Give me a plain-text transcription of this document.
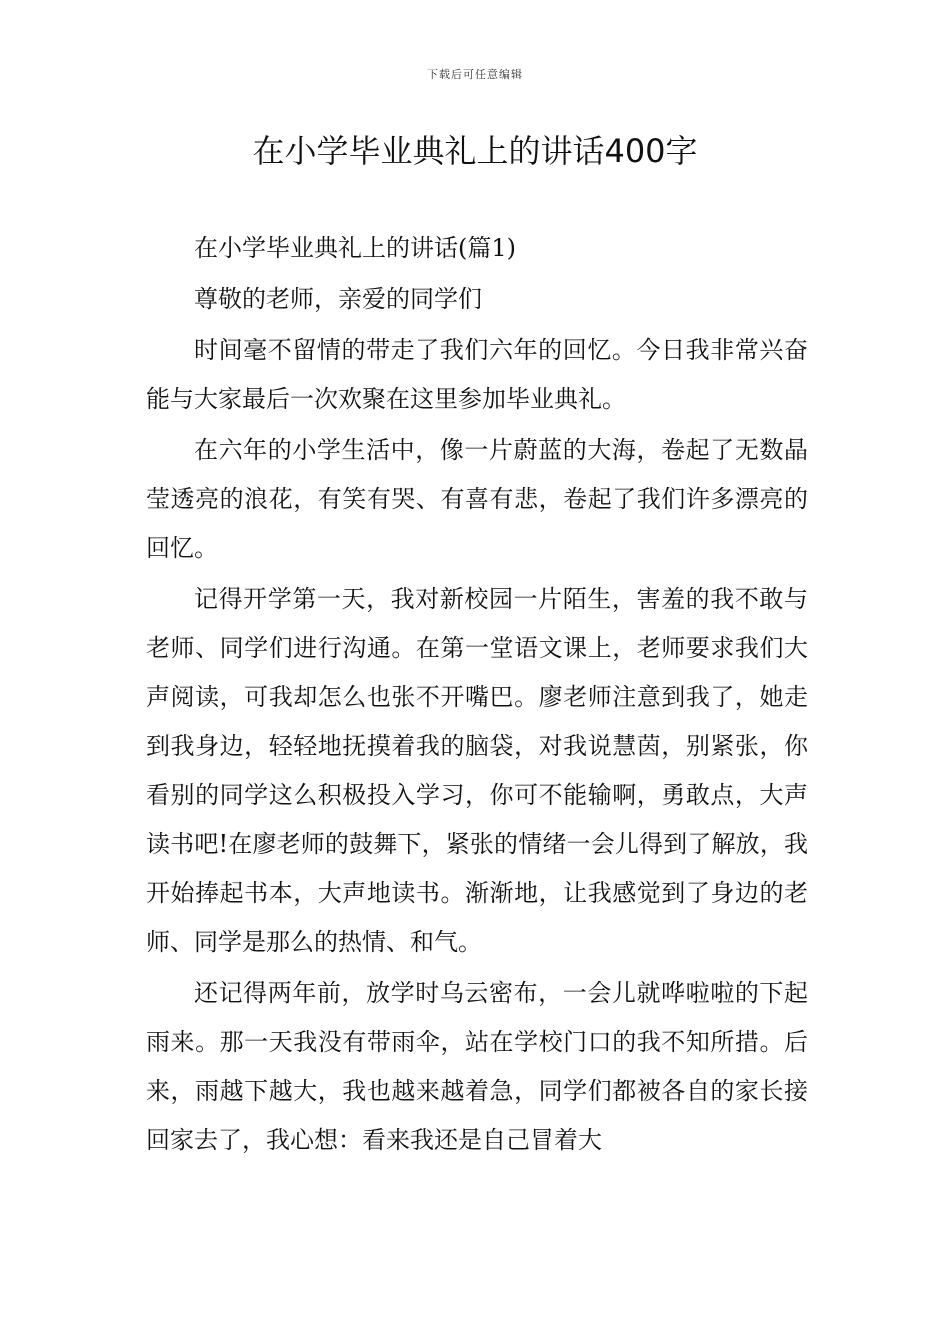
下载后可任意编辑
在小学毕业典礼上的讲话400字

在小学毕业典礼上的讲话(篇1)

尊敬的老师，亲爱的同学们

时间毫不留情的带走了我们六年的回忆。今日我非常兴奋能与大家最后一次欢聚在这里参加毕业典礼。

在六年的小学生活中，像一片蔚蓝的大海，卷起了无数晶莹透亮的浪花，有笑有哭、有喜有悲，卷起了我们许多漂亮的回忆。

记得开学第一天，我对新校园一片陌生，害羞的我不敢与老师、同学们进行沟通。在第一堂语文课上，老师要求我们大声阅读，可我却怎么也张不开嘴巴。廖老师注意到我了，她走到我身边，轻轻地抚摸着我的脑袋，对我说慧茵，别紧张，你看别的同学这么积极投入学习，你可不能输啊，勇敢点，大声读书吧!在廖老师的鼓舞下，紧张的情绪一会儿得到了解放，我开始捧起书本，大声地读书。渐渐地，让我感觉到了身边的老师、同学是那么的热情、和气。

还记得两年前，放学时乌云密布，一会儿就哗啦啦的下起雨来。那一天我没有带雨伞，站在学校门口的我不知所措。后来，雨越下越大，我也越来越着急，同学们都被各自的家长接回家去了，我心想：看来我还是自己冒着大
